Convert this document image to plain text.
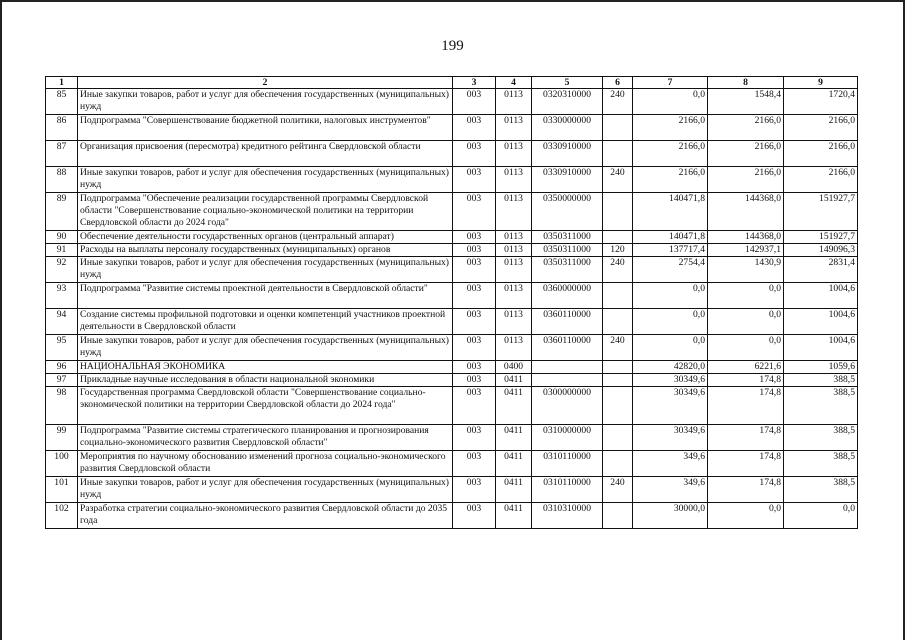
199
1	2	3	4	5	6	7	8	9
85	Иные закупки товаров, работ и услуг для обеспечения государственных (муниципальных) нужд	003	0113	0320310000	240	0,0	1548,4	1720,4
86	Подпрограмма "Совершенствование бюджетной политики, налоговых инструментов"	003	0113	0330000000		2166,0	2166,0	2166,0
87	Организация присвоения (пересмотра) кредитного рейтинга Свердловской области	003	0113	0330910000		2166,0	2166,0	2166,0
88	Иные закупки товаров, работ и услуг для обеспечения государственных (муниципальных) нужд	003	0113	0330910000	240	2166,0	2166,0	2166,0
89	Подпрограмма "Обеспечение реализации государственной программы Свердловской области "Совершенствование социально-экономической политики на территории Свердловской области до 2024 года"	003	0113	0350000000		140471,8	144368,0	151927,7
90	Обеспечение деятельности государственных органов (центральный аппарат)	003	0113	0350311000		140471,8	144368,0	151927,7
91	Расходы на выплаты персоналу государственных (муниципальных) органов	003	0113	0350311000	120	137717,4	142937,1	149096,3
92	Иные закупки товаров, работ и услуг для обеспечения государственных (муниципальных) нужд	003	0113	0350311000	240	2754,4	1430,9	2831,4
93	Подпрограмма "Развитие системы проектной деятельности в Свердловской области"	003	0113	0360000000		0,0	0,0	1004,6
94	Создание системы профильной подготовки и оценки компетенций участников проектной деятельности в Свердловской области	003	0113	0360110000		0,0	0,0	1004,6
95	Иные закупки товаров, работ и услуг для обеспечения государственных (муниципальных) нужд	003	0113	0360110000	240	0,0	0,0	1004,6
96	НАЦИОНАЛЬНАЯ ЭКОНОМИКА	003	0400			42820,0	6221,6	1059,6
97	Прикладные научные исследования в области национальной экономики	003	0411			30349,6	174,8	388,5
98	Государственная программа Свердловской области "Совершенствование социально-экономической политики на территории Свердловской области до 2024 года"	003	0411	0300000000		30349,6	174,8	388,5
99	Подпрограмма "Развитие системы стратегического планирования и прогнозирования социально-экономического развития Свердловской области"	003	0411	0310000000		30349,6	174,8	388,5
100	Мероприятия по научному обоснованию изменений прогноза социально-экономического развития Свердловской области	003	0411	0310110000		349,6	174,8	388,5
101	Иные закупки товаров, работ и услуг для обеспечения государственных (муниципальных) нужд	003	0411	0310110000	240	349,6	174,8	388,5
102	Разработка стратегии социально-экономического развития Свердловской области до 2035 года	003	0411	0310310000		30000,0	0,0	0,0
